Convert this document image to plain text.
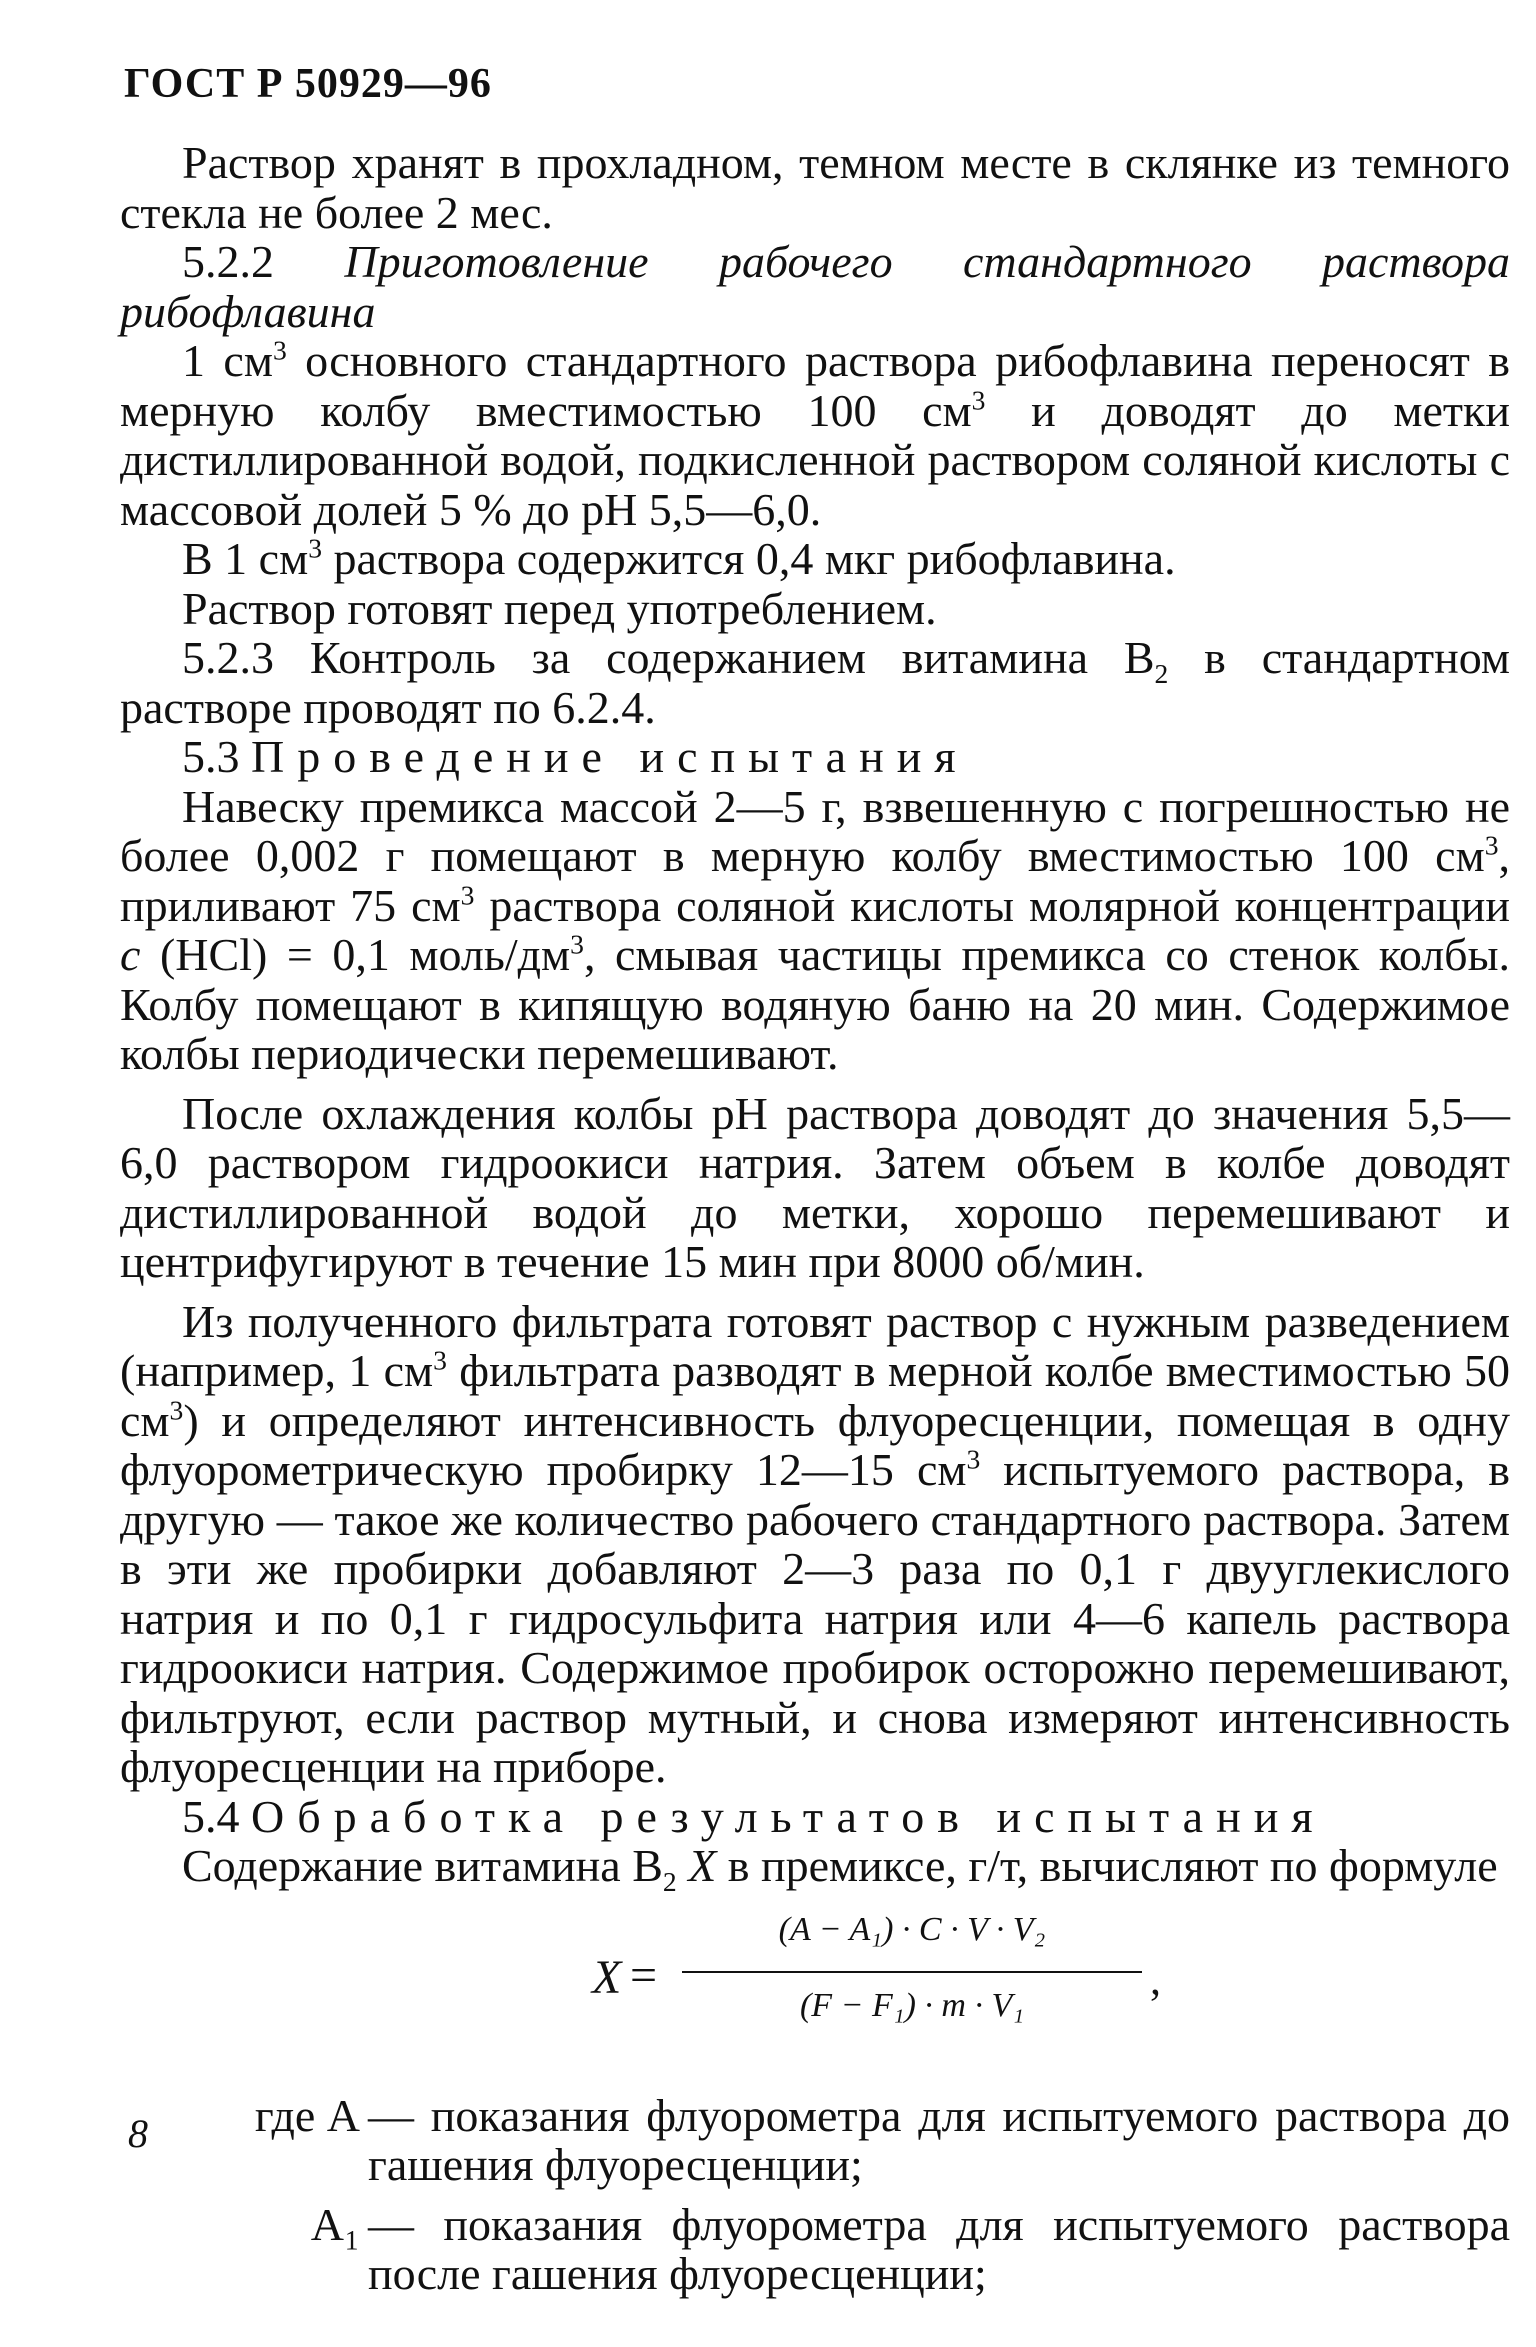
ГОСТ Р 50929—96

Раствор хранят в прохладном, темном месте в склянке из темного стекла не более 2 мес.

5.2.2 Приготовление рабочего стандартного раствора рибофлавина

1 $см^3$ основного стандартного раствора рибофлавина переносят в мерную колбу вместимостью 100 $см^3$ и доводят до метки дистиллированной водой, подкисленной раствором соляной кислоты с массовой долей 5 % до pH 5,5—6,0.

В 1 $см^3$ раствора содержится 0,4 мкг рибофлавина.

Раствор готовят перед употреблением.

5.2.3 Контроль за содержанием витамина $B_2$ в стандартном растворе проводят по 6.2.4.

5.3 Проведение испытания

Навеску премикса массой 2—5 г, взвешенную с погрешностью не более 0,002 г помещают в мерную колбу вместимостью 100 $см^3$, приливают 75 $см^3$ раствора соляной кислоты молярной концентрации c (HCl) = 0,1 моль/$дм^3$, смывая частицы премикса со стенок колбы. Колбу помещают в кипящую водяную баню на 20 мин. Содержимое колбы периодически перемешивают.

После охлаждения колбы pH раствора доводят до значения 5,5—6,0 раствором гидроокиси натрия. Затем объем в колбе доводят дистиллированной водой до метки, хорошо перемешивают и центрифугируют в течение 15 мин при 8000 об/мин.

Из полученного фильтрата готовят раствор с нужным разведением (например, 1 $см^3$ фильтрата разводят в мерной колбе вместимостью 50 $см^3$) и определяют интенсивность флуоресценции, помещая в одну флуорометрическую пробирку 12—15 $см^3$ испытуемого раствора, в другую — такое же количество рабочего стандартного раствора. Затем в эти же пробирки добавляют 2—3 раза по 0,1 г двууглекислого натрия и по 0,1 г гидросульфита натрия или 4—6 капель раствора гидроокиси натрия. Содержимое пробирок осторожно перемешивают, фильтруют, если раствор мутный, и снова измеряют интенсивность флуоресценции на приборе.

5.4 Обработка результатов испытания

Содержание витамина $B_2$ X в премиксе, г/т, вычисляют по формуле

X =
(A − A₁) · C · V · V₂
(F − F₁) · m · V₁
,

где A — показания флуорометра для испытуемого раствора до гашения флуоресценции;

A₁ — показания флуорометра для испытуемого раствора после гашения флуоресценции;

8
